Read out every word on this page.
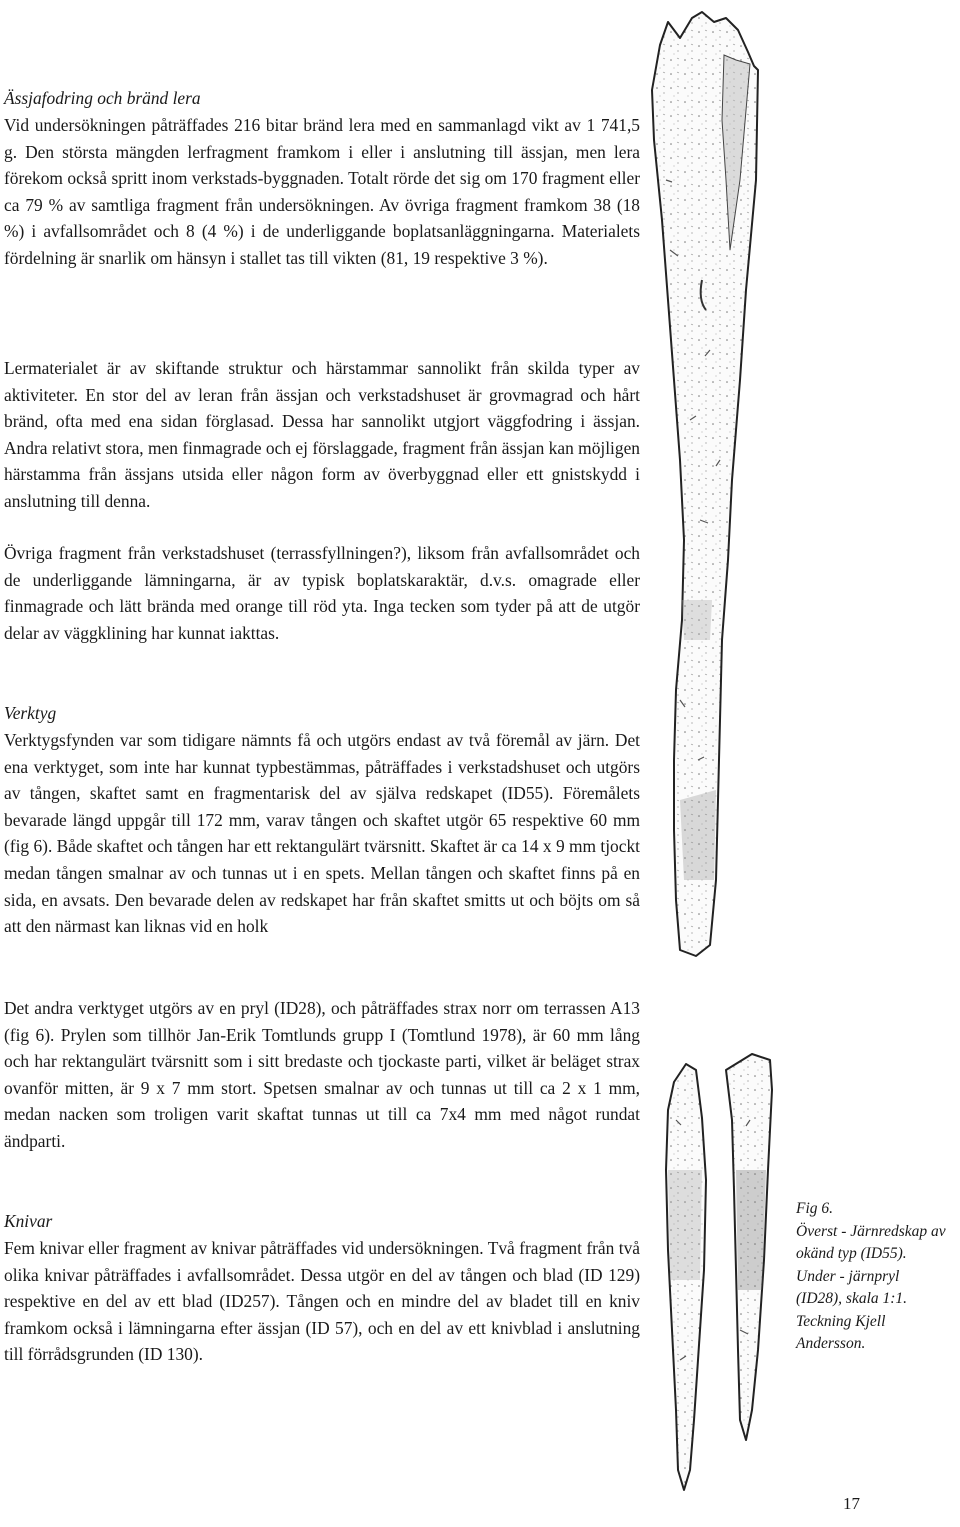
Ässjafodring och bränd lera

Vid undersökningen påträffades 216 bitar bränd lera med en sammanlagd vikt av 1 741,5 g. Den största mängden lerfragment framkom i eller i anslutning till ässjan, men lera förekom också spritt inom verkstads-byggnaden. Totalt rörde det sig om 170 fragment eller ca 79 % av samtliga fragment från undersökningen. Av övriga fragment framkom 38 (18 %) i avfallsområdet och 8 (4 %) i de underliggande boplatsanläggningarna. Materialets fördelning är snarlik om hänsyn i stallet tas till vikten (81, 19 respektive 3 %).

Lermaterialet är av skiftande struktur och härstammar sannolikt från skilda typer av aktiviteter. En stor del av leran från ässjan och verkstadshuset är grovmagrad och hårt bränd, ofta med ena sidan förglasad. Dessa har sannolikt utgjort väggfodring i ässjan. Andra relativt stora, men finmagrade och ej förslaggade, fragment från ässjan kan möjligen härstamma från ässjans utsida eller någon form av överbyggnad eller ett gnistskydd i anslutning till denna.

Övriga fragment från verkstadshuset (terrassfyllningen?), liksom från avfallsområdet och de underliggande lämningarna, är av typisk boplatskaraktär, d.v.s. omagrade eller finmagrade och lätt brända med orange till röd yta. Inga tecken som tyder på att de utgör delar av väggklining har kunnat iakttas.

Verktyg

Verktygsfynden var som tidigare nämnts få och utgörs endast av två föremål av järn. Det ena verktyget, som inte har kunnat typbestämmas, påträffades i verkstadshuset och utgörs av tången, skaftet samt en fragmentarisk del av själva redskapet (ID55). Föremålets bevarade längd uppgår till 172 mm, varav tången och skaftet utgör 65 respektive 60 mm (fig 6). Både skaftet och tången har ett rektangulärt tvärsnitt. Skaftet är ca 14 x 9 mm tjockt medan tången smalnar av och tunnas ut i en spets. Mellan tången och skaftet finns på en sida, en avsats. Den bevarade delen av redskapet har från skaftet smitts ut och böjts om så att den närmast kan liknas vid en holk

Det andra verktyget utgörs av en pryl (ID28), och påträffades strax norr om terrassen A13 (fig 6). Prylen som tillhör Jan-Erik Tomtlunds grupp I (Tomtlund 1978), är 60 mm lång och har rektangulärt tvärsnitt som i sitt bredaste och tjockaste parti, vilket är beläget strax ovanför mitten, är 9 x 7 mm stort. Spetsen smalnar av och tunnas ut till ca 2 x 1 mm, medan nacken som troligen varit skaftat tunnas ut till ca 7x4 mm med något rundat ändparti.

Knivar

Fem knivar eller fragment av knivar påträffades vid undersökningen. Två fragment från två olika knivar påträffades i avfallsområdet. Dessa utgör en del av tången och blad (ID 129) respektive en del av ett blad (ID257). Tången och en mindre del av bladet till en kniv framkom också i lämningarna efter ässjan (ID 57), och en del av ett knivblad i anslutning till förrådsgrunden (ID 130).

Fig 6.
Överst - Järnredskap av
okänd typ (ID55).
Under - järnpryl
(ID28), skala 1:1.
Teckning Kjell
Andersson.
17
